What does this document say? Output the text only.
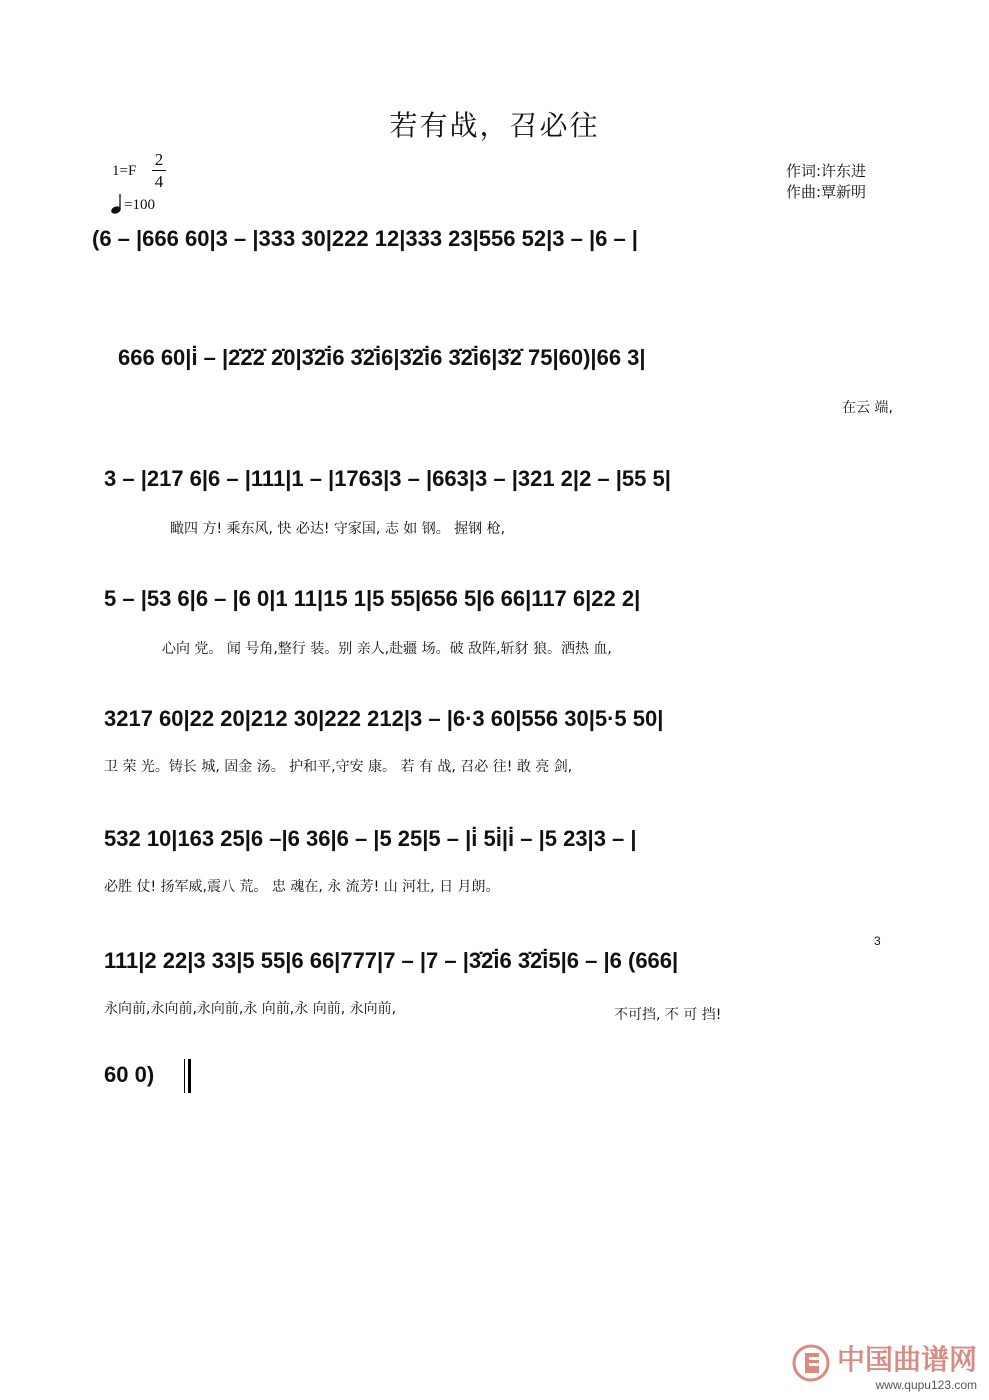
若有战，召必往
1=F
2
4
=100
作词:许东进
作曲:覃新明
(6 – |666 60|3 – |333 30|222 12|333 23|556 52|3 – |6 – |
666 60|i̇ – |2̇2̇2̇ 2̇0|3̇2̇i̇6 3̇2̇i̇6|3̇2̇i̇6 3̇2̇i̇6|3̇2̇ 75|60)|66 3|
在云 端,
3 – |217 6|6 – |111|1 – |1763|3 – |663|3 – |321 2|2 – |55 5|
瞰四 方! 乘东风, 快 必达! 守家国, 志 如 钢。 握钢 枪,
5 – |53 6|6 – |6 0|1 11|15 1|5 55|656 5|6 66|117 6|22 2|
心向 党。 闻 号角,整行 装。别 亲人,赴疆 场。破 敌阵,斩豺 狼。洒热 血,
3217 60|22 20|212 30|222 212|3 – |6·3 60|556 30|5·5 50|
卫 荣 光。铸长 城, 固金 汤。 护和平,守安 康。 若 有 战, 召必 往! 敢 亮 剑,
532 10|163 25|6 –|6 36|6 – |5 25|5 – |i̇ 5i̇|i̇ – |5 23|3 – |
必胜 仗! 扬军威,震八 荒。 忠 魂在, 永 流芳! 山 河壮, 日 月朗。
3
111|2 22|3 33|5 55|6 66|777|7 – |7 – |3̇2̇i̇6 3̇2̇i̇5|6 – |6 (666|
永向前,永向前,永向前,永 向前,永 向前, 永向前,	不可挡, 不 可 挡!
60 0)
中国曲谱网
www.qupu123.com
